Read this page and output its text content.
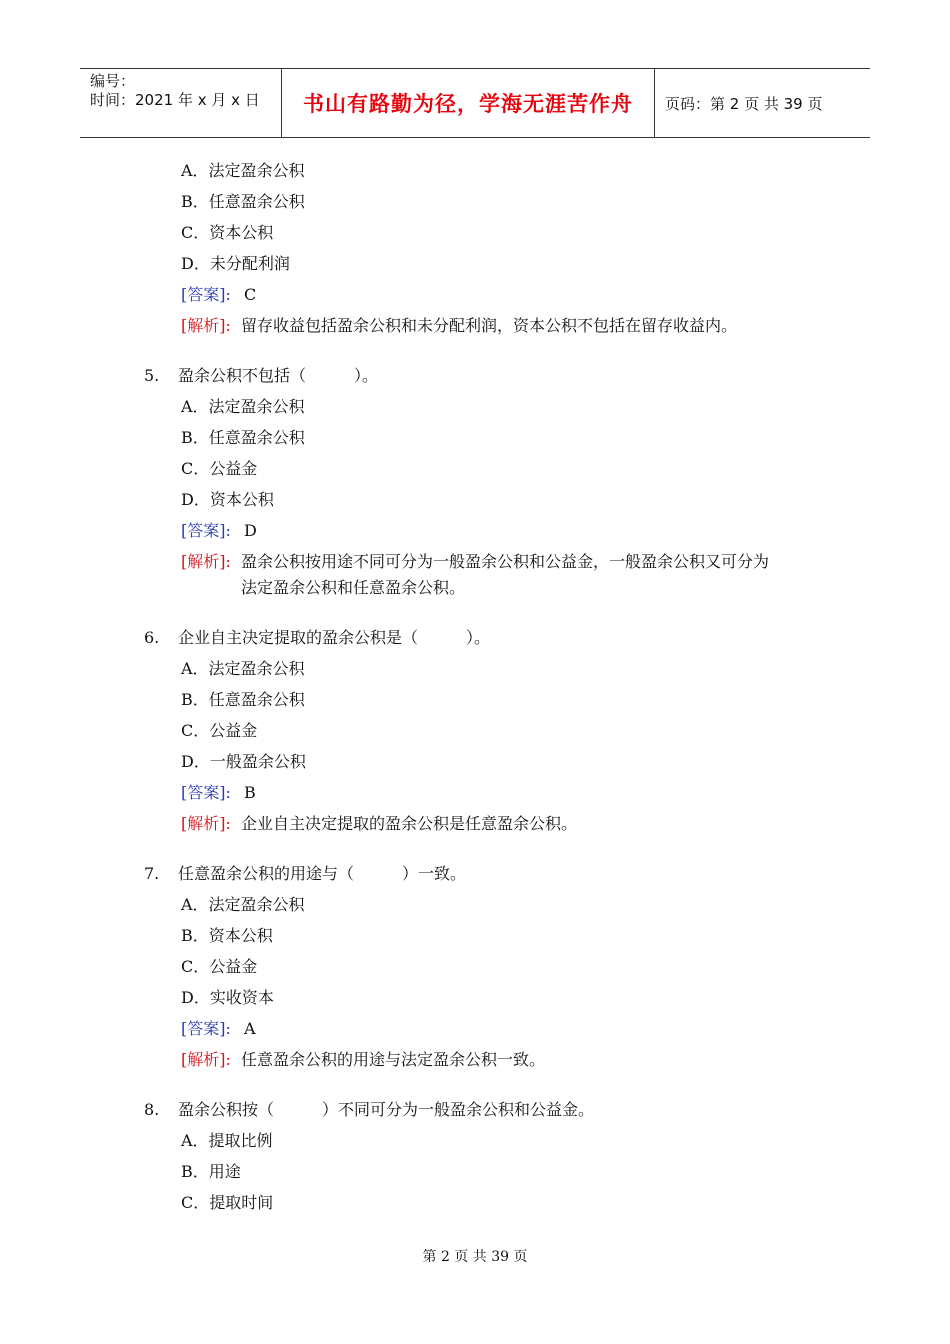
编号：
时间：2021 年 x 月 x 日	书山有路勤为径，学海无涯苦作舟 页码：第 2 页 共 39 页
A．法定盈余公积
B．任意盈余公积
C．资本公积
D．未分配利润
[答案]: C
[解析]: 留存收益包括盈余公积和未分配利润，资本公积不包括在留存收益内。
5. 盈余公积不包括（　　　）。
A．法定盈余公积
B．任意盈余公积
C．公益金
D．资本公积
[答案]: D
[解析]: 盈余公积按用途不同可分为一般盈余公积和公益金，一般盈余公积又可分为
法定盈余公积和任意盈余公积。
6. 企业自主决定提取的盈余公积是（　　　）。
A．法定盈余公积
B．任意盈余公积
C．公益金
D．一般盈余公积
[答案]: B
[解析]: 企业自主决定提取的盈余公积是任意盈余公积。
7. 任意盈余公积的用途与（　　　）一致。
A．法定盈余公积
B．资本公积
C．公益金
D．实收资本
[答案]: A
[解析]: 任意盈余公积的用途与法定盈余公积一致。
8. 盈余公积按（　　　）不同可分为一般盈余公积和公益金。
A．提取比例
B．用途
C．提取时间
第 2 页 共 39 页
